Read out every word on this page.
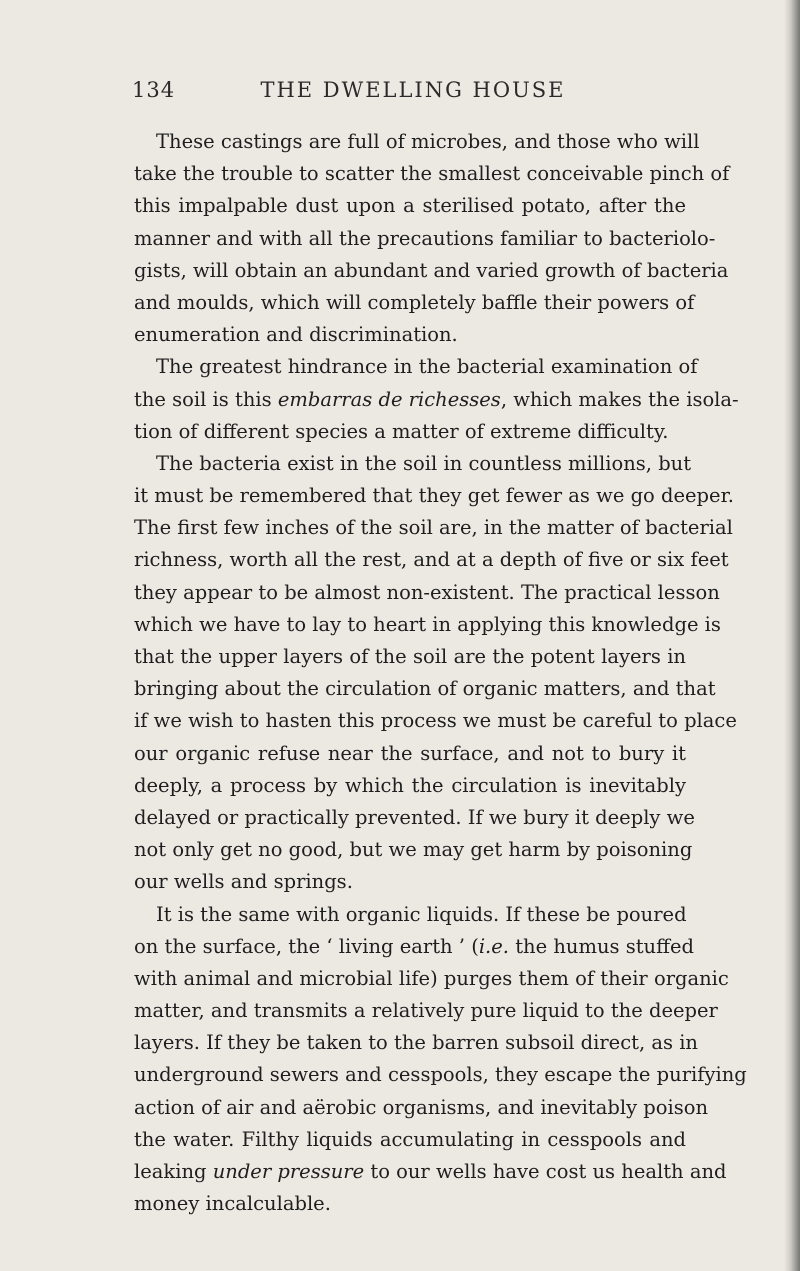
134	THE DWELLING HOUSE
These castings are full of microbes, and those who will
take the trouble to scatter the smallest conceivable pinch of
this impalpable dust upon a sterilised potato, after the
manner and with all the precautions familiar to bacteriolo-
gists, will obtain an abundant and varied growth of bacteria
and moulds, which will completely baffle their powers of
enumeration and discrimination.
The greatest hindrance in the bacterial examination of
the soil is this embarras de richesses, which makes the isola-
tion of different species a matter of extreme difficulty.
The bacteria exist in the soil in countless millions, but
it must be remembered that they get fewer as we go deeper.
The first few inches of the soil are, in the matter of bacterial
richness, worth all the rest, and at a depth of five or six feet
they appear to be almost non-existent. The practical lesson
which we have to lay to heart in applying this knowledge is
that the upper layers of the soil are the potent layers in
bringing about the circulation of organic matters, and that
if we wish to hasten this process we must be careful to place
our organic refuse near the surface, and not to bury it
deeply, a process by which the circulation is inevitably
delayed or practically prevented. If we bury it deeply we
not only get no good, but we may get harm by poisoning
our wells and springs.
It is the same with organic liquids. If these be poured
on the surface, the ‘ living earth ’ (i.e. the humus stuffed
with animal and microbial life) purges them of their organic
matter, and transmits a relatively pure liquid to the deeper
layers. If they be taken to the barren subsoil direct, as in
underground sewers and cesspools, they escape the purifying
action of air and aërobic organisms, and inevitably poison
the water. Filthy liquids accumulating in cesspools and
leaking under pressure to our wells have cost us health and
money incalculable.
